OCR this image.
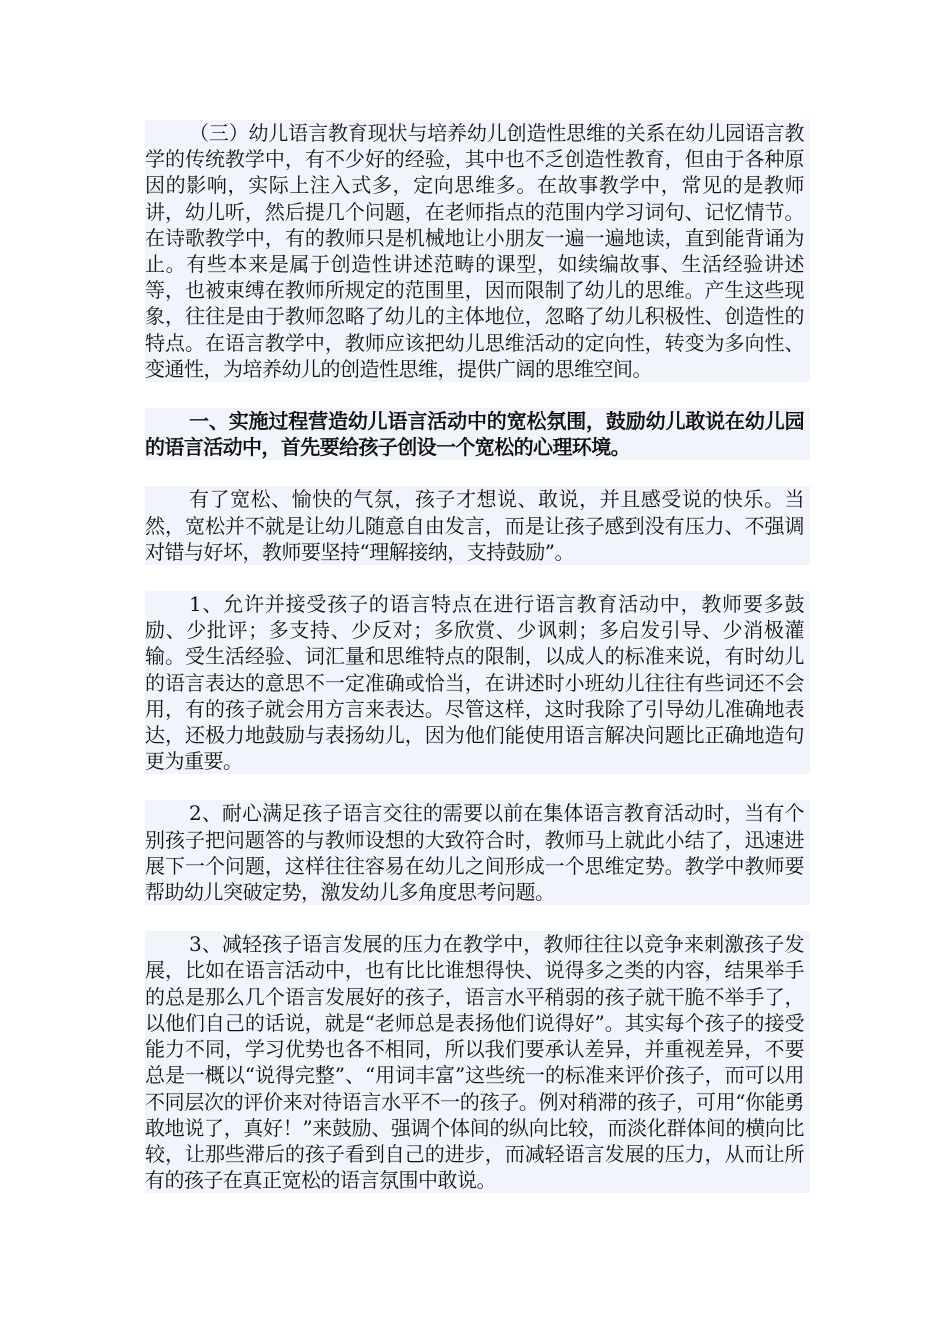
（三）幼儿语言教育现状与培养幼儿创造性思维的关系在幼儿园语言教学的传统教学中，有不少好的经验，其中也不乏创造性教育，但由于各种原因的影响，实际上注入式多，定向思维多。在故事教学中，常见的是教师讲，幼儿听，然后提几个问题，在老师指点的范围内学习词句、记忆情节。在诗歌教学中，有的教师只是机械地让小朋友一遍一遍地读，直到能背诵为止。有些本来是属于创造性讲述范畴的课型，如续编故事、生活经验讲述等，也被束缚在教师所规定的范围里，因而限制了幼儿的思维。产生这些现象，往往是由于教师忽略了幼儿的主体地位，忽略了幼儿积极性、创造性的特点。在语言教学中，教师应该把幼儿思维活动的定向性，转变为多向性、变通性，为培养幼儿的创造性思维，提供广阔的思维空间。

一、实施过程营造幼儿语言活动中的宽松氛围，鼓励幼儿敢说在幼儿园的语言活动中，首先要给孩子创设一个宽松的心理环境。

有了宽松、愉快的气氛，孩子才想说、敢说，并且感受说的快乐。当然，宽松并不就是让幼儿随意自由发言，而是让孩子感到没有压力、不强调对错与好坏，教师要坚持“理解接纳，支持鼓励”。

1、允许并接受孩子的语言特点在进行语言教育活动中，教师要多鼓励、少批评；多支持、少反对；多欣赏、少讽刺；多启发引导、少消极灌输。受生活经验、词汇量和思维特点的限制，以成人的标准来说，有时幼儿的语言表达的意思不一定准确或恰当，在讲述时小班幼儿往往有些词还不会用，有的孩子就会用方言来表达。尽管这样，这时我除了引导幼儿准确地表达，还极力地鼓励与表扬幼儿，因为他们能使用语言解决问题比正确地造句更为重要。

2、耐心满足孩子语言交往的需要以前在集体语言教育活动时，当有个别孩子把问题答的与教师设想的大致符合时，教师马上就此小结了，迅速进展下一个问题，这样往往容易在幼儿之间形成一个思维定势。教学中教师要帮助幼儿突破定势，激发幼儿多角度思考问题。

3、减轻孩子语言发展的压力在教学中，教师往往以竞争来刺激孩子发展，比如在语言活动中，也有比比谁想得快、说得多之类的内容，结果举手的总是那么几个语言发展好的孩子，语言水平稍弱的孩子就干脆不举手了，以他们自己的话说，就是“老师总是表扬他们说得好”。其实每个孩子的接受能力不同，学习优势也各不相同，所以我们要承认差异，并重视差异，不要总是一概以“说得完整”、“用词丰富”这些统一的标准来评价孩子，而可以用不同层次的评价来对待语言水平不一的孩子。例对稍滞的孩子，可用“你能勇敢地说了，真好！”来鼓励、强调个体间的纵向比较，而淡化群体间的横向比较，让那些滞后的孩子看到自己的进步，而减轻语言发展的压力，从而让所有的孩子在真正宽松的语言氛围中敢说。
